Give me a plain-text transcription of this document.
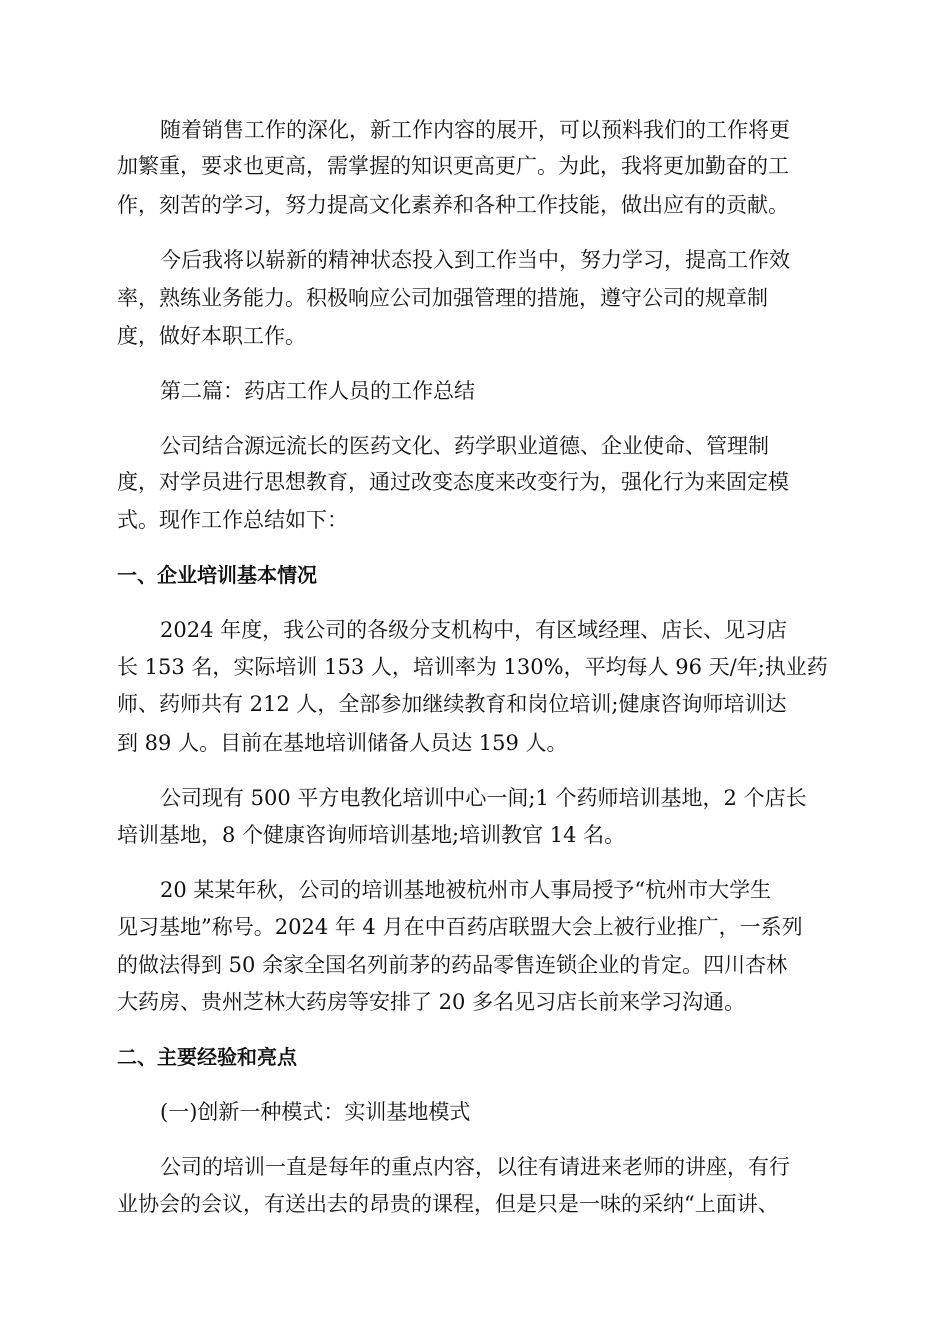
随着销售工作的深化，新工作内容的展开，可以预料我们的工作将更
加繁重，要求也更高，需掌握的知识更高更广。为此，我将更加勤奋的工
作，刻苦的学习，努力提高文化素养和各种工作技能，做出应有的贡献。
今后我将以崭新的精神状态投入到工作当中，努力学习，提高工作效
率，熟练业务能力。积极响应公司加强管理的措施，遵守公司的规章制
度，做好本职工作。
第二篇：药店工作人员的工作总结
公司结合源远流长的医药文化、药学职业道德、企业使命、管理制
度，对学员进行思想教育，通过改变态度来改变行为，强化行为来固定模
式。现作工作总结如下：
一、企业培训基本情况
2024 年度，我公司的各级分支机构中，有区域经理、店长、见习店
长 153 名，实际培训 153 人，培训率为 130%，平均每人 96 天/年;执业药
师、药师共有 212 人，全部参加继续教育和岗位培训;健康咨询师培训达
到 89 人。目前在基地培训储备人员达 159 人。
公司现有 500 平方电教化培训中心一间;1 个药师培训基地，2 个店长
培训基地，8 个健康咨询师培训基地;培训教官 14 名。
20 某某年秋，公司的培训基地被杭州市人事局授予“杭州市大学生
见习基地”称号。2024 年 4 月在中百药店联盟大会上被行业推广，一系列
的做法得到 50 余家全国名列前茅的药品零售连锁企业的肯定。四川杏林
大药房、贵州芝林大药房等安排了 20 多名见习店长前来学习沟通。
二、主要经验和亮点
(一)创新一种模式：实训基地模式
公司的培训一直是每年的重点内容，以往有请进来老师的讲座，有行
业协会的会议，有送出去的昂贵的课程，但是只是一味的采纳“上面讲、
